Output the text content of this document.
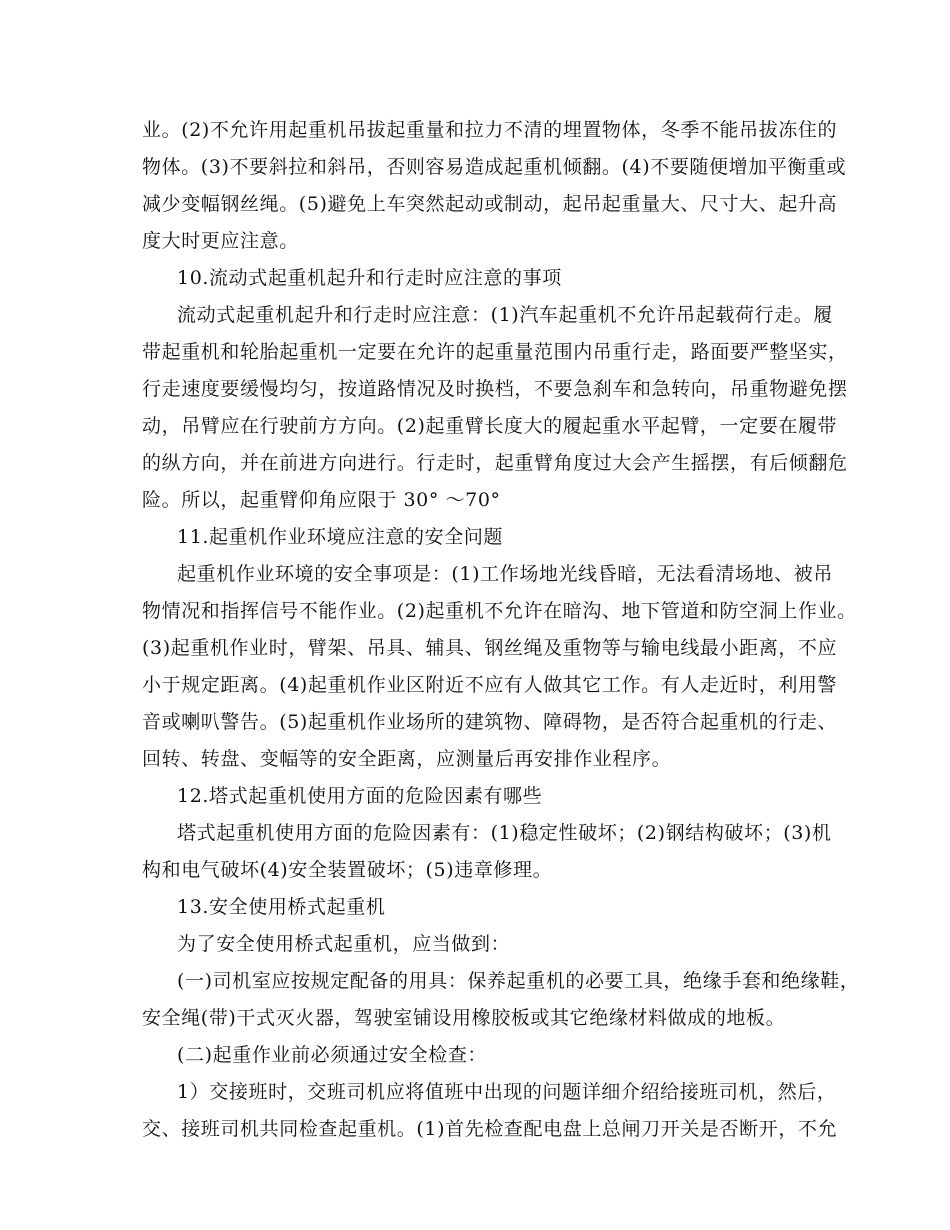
业。(2)不允许用起重机吊拔起重量和拉力不清的埋置物体，冬季不能吊拔冻住的
物体。(3)不要斜拉和斜吊，否则容易造成起重机倾翻。(4)不要随便增加平衡重或
减少变幅钢丝绳。(5)避免上车突然起动或制动，起吊起重量大、尺寸大、起升高
度大时更应注意。
10.流动式起重机起升和行走时应注意的事项
流动式起重机起升和行走时应注意：(1)汽车起重机不允许吊起载荷行走。履
带起重机和轮胎起重机一定要在允许的起重量范围内吊重行走，路面要严整坚实，
行走速度要缓慢均匀，按道路情况及时换档，不要急刹车和急转向，吊重物避免摆
动，吊臂应在行驶前方方向。(2)起重臂长度大的履起重水平起臂，一定要在履带
的纵方向，并在前进方向进行。行走时，起重臂角度过大会产生摇摆，有后倾翻危
险。所以，起重臂仰角应限于 30° ～70°
11.起重机作业环境应注意的安全问题
起重机作业环境的安全事项是：(1)工作场地光线昏暗，无法看清场地、被吊
物情况和指挥信号不能作业。(2)起重机不允许在暗沟、地下管道和防空洞上作业。
(3)起重机作业时，臂架、吊具、辅具、钢丝绳及重物等与输电线最小距离，不应
小于规定距离。(4)起重机作业区附近不应有人做其它工作。有人走近时，利用警
音或喇叭警告。(5)起重机作业场所的建筑物、障碍物，是否符合起重机的行走、
回转、转盘、变幅等的安全距离，应测量后再安排作业程序。
12.塔式起重机使用方面的危险因素有哪些
塔式起重机使用方面的危险因素有：(1)稳定性破坏；(2)钢结构破坏；(3)机
构和电气破坏(4)安全装置破坏；(5)违章修理。
13.安全使用桥式起重机
为了安全使用桥式起重机，应当做到：
(一)司机室应按规定配备的用具：保养起重机的必要工具，绝缘手套和绝缘鞋，
安全绳(带)干式灭火器，驾驶室铺设用橡胶板或其它绝缘材料做成的地板。
(二)起重作业前必须通过安全检查：
1）交接班时，交班司机应将值班中出现的问题详细介绍给接班司机，然后，
交、接班司机共同检查起重机。(1)首先检查配电盘上总闸刀开关是否断开，不允
